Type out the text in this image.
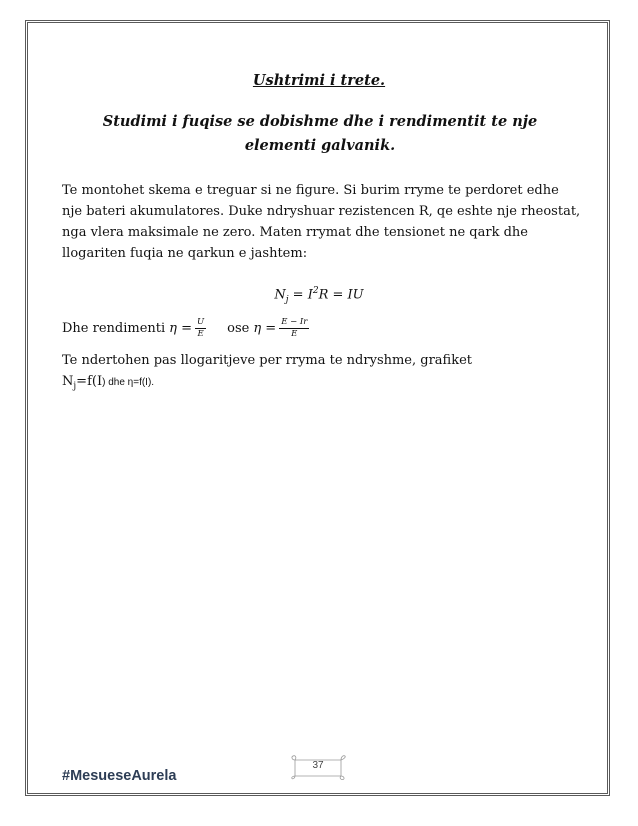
Ushtrimi i trete.
Studimi i fuqise se dobishme dhe i rendimentit te nje elementi galvanik.
Te montohet skema e treguar si ne figure. Si burim rryme te perdoret edhe nje bateri akumulatores. Duke ndryshuar rezistencen R, qe eshte nje rheostat, nga vlera maksimale ne zero. Maten rrymat dhe tensionet ne qark dhe llogariten fuqia ne qarkun e jashtem:
$N_j = I^2R$ = IU
Dhe rendimenti $\eta = \frac{U}{E}$ ose $\eta = \frac{E - Ir}{E}$
Te ndertohen pas llogaritjeve per rryma te ndryshme, grafiket
$N_j=f(I)$ dhe η=f(I).
37
#MesueseAurela
